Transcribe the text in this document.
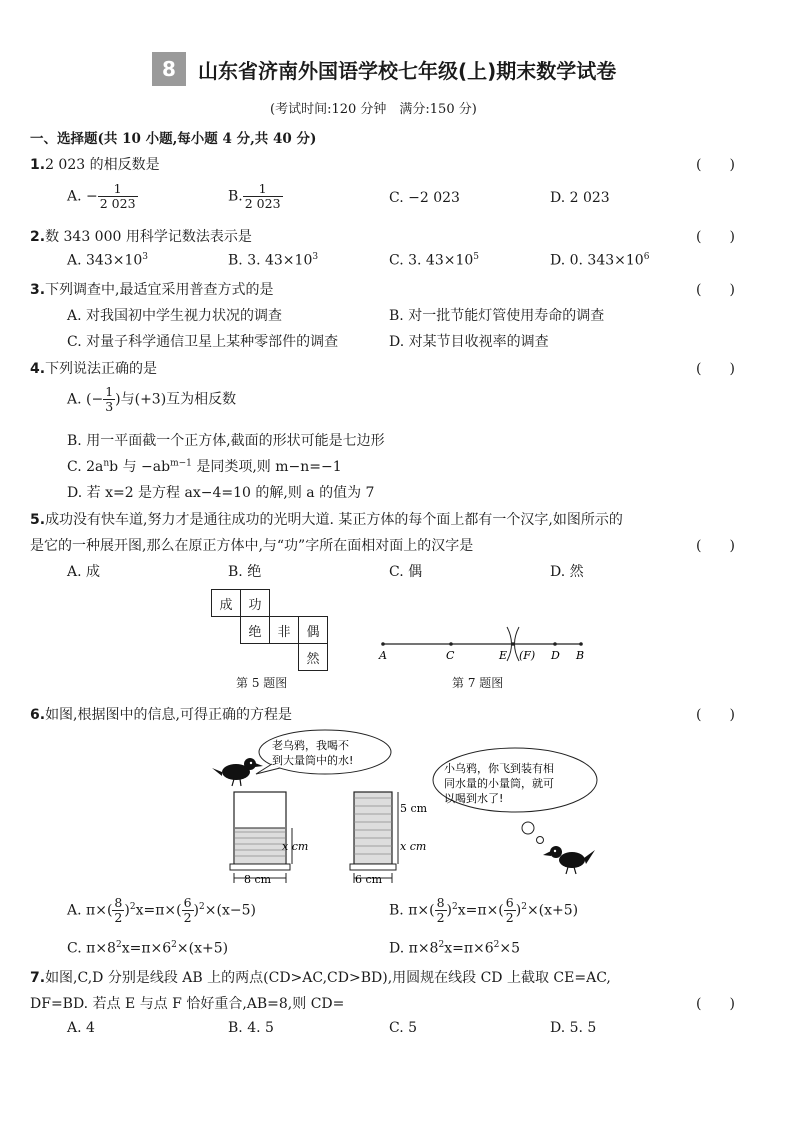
8	山东省济南外国语学校七年级(上)期末数学试卷
(考试时间:120 分钟　满分:150 分)
一、选择题(共 10 小题,每小题 4 分,共 40 分)
1.2 023 的相反数是	(　　)
A. − $\frac{1}{2 023}$	B. $\frac{1}{2 023}$	C. −2 023	D. 2 023
2.数 343 000 用科学记数法表示是	(　　)
A. $343\times 10^3$	B. 3. $43\times 10^3$	C. 3. $43\times 10^5$	D. 0. $343\times 10^6$
3.下列调查中,最适宜采用普查方式的是	(　　)
A. 对我国初中学生视力状况的调查	B. 对一批节能灯管使用寿命的调查
C. 对量子科学通信卫星上某种零部件的调查	D. 对某节目收视率的调查
4.下列说法正确的是	(　　)
A. (− $\frac{1}{3}$ )与(+3)互为相反数
B. 用一平面截一个正方体,截面的形状可能是七边形
C. $2a^nb$ 与 $-ab^{m-1}$ 是同类项,则 m−n=−1
D. 若 x=2 是方程 ax−4=10 的解,则 a 的值为 7
5.成功没有快车道,努力才是通往成功的光明大道. 某正方体的每个面上都有一个汉字,如图所示的
是它的一种展开图,那么在原正方体中,与“功”字所在面相对面上的汉字是	(　　)
A. 成	B. 绝	C. 偶	D. 然
成	功		
	绝	非	偶
			然
第 5 题图
A	C	E (F) D B
第 7 题图
6.如图,根据图中的信息,可得正确的方程是	(　　)
老乌鸦，我喝不
到大量筒中的水!
x cm
8 cm
5 cm
x cm
6 cm
小乌鸦，你飞到装有相
同水量的小量筒，就可
以喝到水了!
A. $\pi\times( \frac{8}{2} )^2x=\pi\times( \frac{6}{2} )^2\times(x-5)$	B. $\pi\times( \frac{8}{2} )^2x=\pi\times( \frac{6}{2} )^2\times(x+5)$
C. $\pi\times 8^2x=\pi\times 6^2\times(x+5)$	D. $\pi\times 8^2x=\pi\times 6^2\times 5$
7.如图,C,D 分别是线段 AB 上的两点(CD>AC,CD>BD),用圆规在线段 CD 上截取 CE=AC,
DF=BD. 若点 E 与点 F 恰好重合,AB=8,则 CD=	(　　)
A. 4	B. 4. 5	C. 5	D. 5. 5
